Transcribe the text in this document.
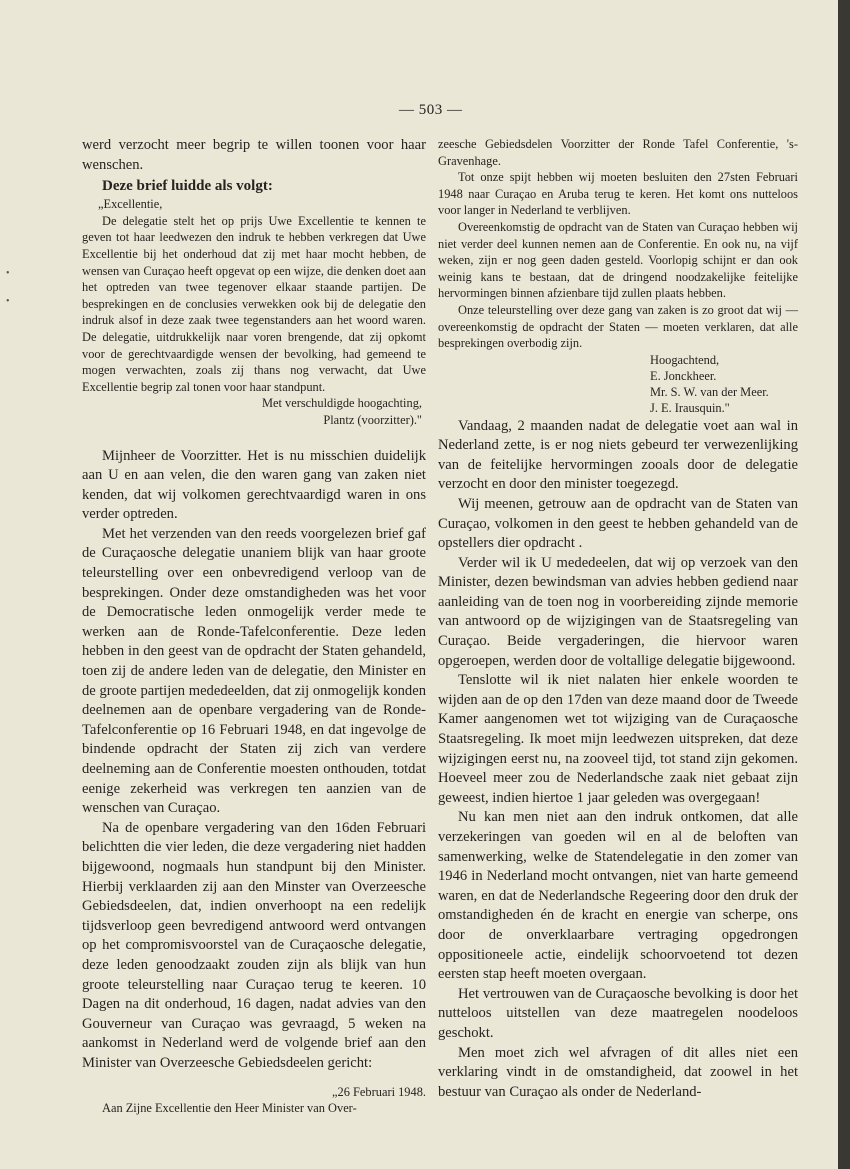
— 503 —

werd verzocht meer begrip te willen toonen voor haar wenschen.

Deze brief luidde als volgt:

„Excellentie,

De delegatie stelt het op prijs Uwe Excellentie te kennen te geven tot haar leedwezen den indruk te hebben verkregen dat Uwe Excellentie bij het onderhoud dat zij met haar mocht hebben, de wensen van Curaçao heeft opgevat op een wijze, die denken doet aan het optreden van twee tegenover elkaar staande partijen. De besprekingen en de conclusies verwekken ook bij de delegatie den indruk alsof in deze zaak twee tegenstanders aan het woord waren. De delegatie, uitdrukkelijk naar voren brengende, dat zij opkomt voor de gerechtvaardigde wensen der bevolking, had gemeend te mogen verwachten, zoals zij thans nog verwacht, dat Uwe Excellentie begrip zal tonen voor haar standpunt.

Met verschuldigde hoogachting,

Plantz (voorzitter)."

Mijnheer de Voorzitter. Het is nu misschien duidelijk aan U en aan velen, die den waren gang van zaken niet kenden, dat wij volkomen gerechtvaardigd waren in ons verder optreden.

Met het verzenden van den reeds voorgelezen brief gaf de Curaçaosche delegatie unaniem blijk van haar groote teleurstelling over een onbevredigend verloop van de besprekingen. Onder deze omstandigheden was het voor de Democratische leden onmogelijk verder mede te werken aan de Ronde-Tafelconferentie. Deze leden hebben in den geest van de opdracht der Staten gehandeld, toen zij de andere leden van de delegatie, den Minister en de groote partijen mededeelden, dat zij onmogelijk konden deelnemen aan de openbare vergadering van de Ronde-Tafelconferentie op 16 Februari 1948, en dat ingevolge de bindende opdracht der Staten zij zich van verdere deelneming aan de Conferentie moesten onthouden, totdat eenige zekerheid was verkregen ten aanzien van de wenschen van Curaçao.

Na de openbare vergadering van den 16den Februari belichtten die vier leden, die deze vergadering niet hadden bijgewoond, nogmaals hun standpunt bij den Minister. Hierbij verklaarden zij aan den Minster van Overzeesche Gebiedsdeelen, dat, indien onverhoopt na een redelijk tijdsverloop geen bevredigend antwoord werd ontvangen op het compromisvoorstel van de Curaçaosche delegatie, deze leden genoodzaakt zouden zijn als blijk van hun groote teleurstelling naar Curaçao terug te keeren. 10 Dagen na dit onderhoud, 16 dagen, nadat advies van den Gouverneur van Curaçao was gevraagd, 5 weken na aankomst in Nederland werd de volgende brief aan den Minister van Overzeesche Gebiedsdeelen gericht:

„26 Februari 1948.

Aan Zijne Excellentie den Heer Minister van Over-

zeesche Gebiedsdelen Voorzitter der Ronde Tafel Conferentie, 's-Gravenhage.

Tot onze spijt hebben wij moeten besluiten den 27sten Februari 1948 naar Curaçao en Aruba terug te keren. Het komt ons nutteloos voor langer in Nederland te verblijven.

Overeenkomstig de opdracht van de Staten van Curaçao hebben wij niet verder deel kunnen nemen aan de Conferentie. En ook nu, na vijf weken, zijn er nog geen daden gesteld. Voorlopig schijnt er dan ook weinig kans te bestaan, dat de dringend noodzakelijke feitelijke hervormingen binnen afzienbare tijd zullen plaats hebben.

Onze teleurstelling over deze gang van zaken is zo groot dat wij — overeenkomstig de opdracht der Staten — moeten verklaren, dat alle besprekingen overbodig zijn.

Hoogachtend,

E. Jonckheer.

Mr. S. W. van der Meer.

J. E. Irausquin."

Vandaag, 2 maanden nadat de delegatie voet aan wal in Nederland zette, is er nog niets gebeurd ter verwezenlijking van de feitelijke hervormingen zooals door de delegatie verzocht en door den minister toegezegd.

Wij meenen, getrouw aan de opdracht van de Staten van Curaçao, volkomen in den geest te hebben gehandeld van de opstellers dier opdracht .

Verder wil ik U mededeelen, dat wij op verzoek van den Minister, dezen bewindsman van advies hebben gediend naar aanleiding van de toen nog in voorbereiding zijnde memorie van antwoord op de wijzigingen van de Staatsregeling van Curaçao. Beide vergaderingen, die hiervoor waren opgeroepen, werden door de voltallige delegatie bijgewoond.

Tenslotte wil ik niet nalaten hier enkele woorden te wijden aan de op den 17den van deze maand door de Tweede Kamer aangenomen wet tot wijziging van de Curaçaosche Staatsregeling. Ik moet mijn leedwezen uitspreken, dat deze wijzigingen eerst nu, na zooveel tijd, tot stand zijn gekomen. Hoeveel meer zou de Nederlandsche zaak niet gebaat zijn geweest, indien hiertoe 1 jaar geleden was overgegaan!

Nu kan men niet aan den indruk ontkomen, dat alle verzekeringen van goeden wil en al de beloften van samenwerking, welke de Statendelegatie in den zomer van 1946 in Nederland mocht ontvangen, niet van harte gemeend waren, en dat de Nederlandsche Regeering door den druk der omstandigheden én de kracht en energie van scherpe, ons door de onverklaarbare vertraging opgedrongen oppositioneele actie, eindelijk schoorvoetend tot dezen eersten stap heeft moeten overgaan.

Het vertrouwen van de Curaçaosche bevolking is door het nutteloos uitstellen van deze maatregelen noodeloos geschokt.

Men moet zich wel afvragen of dit alles niet een verklaring vindt in de omstandigheid, dat zoowel in het bestuur van Curaçao als onder de Nederland-

•
•
